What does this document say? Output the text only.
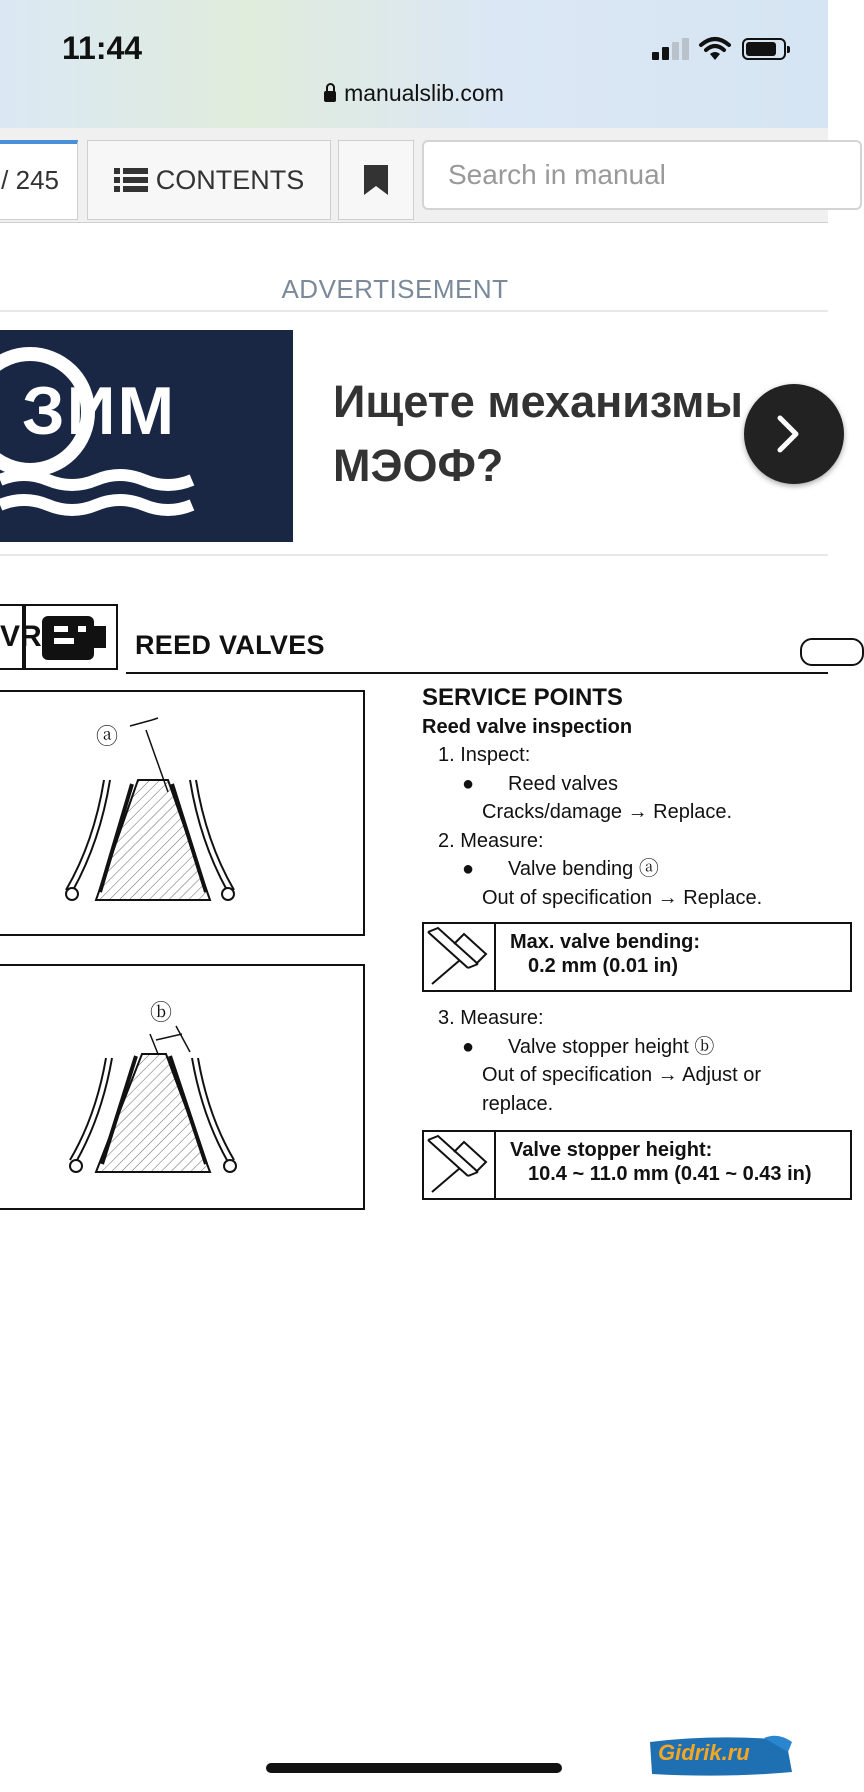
11:44
manualslib.com
/ 245	CONTENTS
Search in manual
ADVERTISEMENT
ЗИМ	Ищете механизмы
МЭОФ?
VR	REED VALVES
ⓐ
ⓑ
SERVICE POINTS
Reed valve inspection
1. Inspect:
●	Reed valves
Cracks/damage → Replace.
2. Measure:
●	Valve bending ⓐ
Out of specification → Replace.
Max. valve bending:
0.2 mm (0.01 in)
3. Measure:
●	Valve stopper height ⓑ
Out of specification → Adjust or
replace.
Valve stopper height:
10.4 ~ 11.0 mm (0.41 ~ 0.43 in)
Gidrik.ru
